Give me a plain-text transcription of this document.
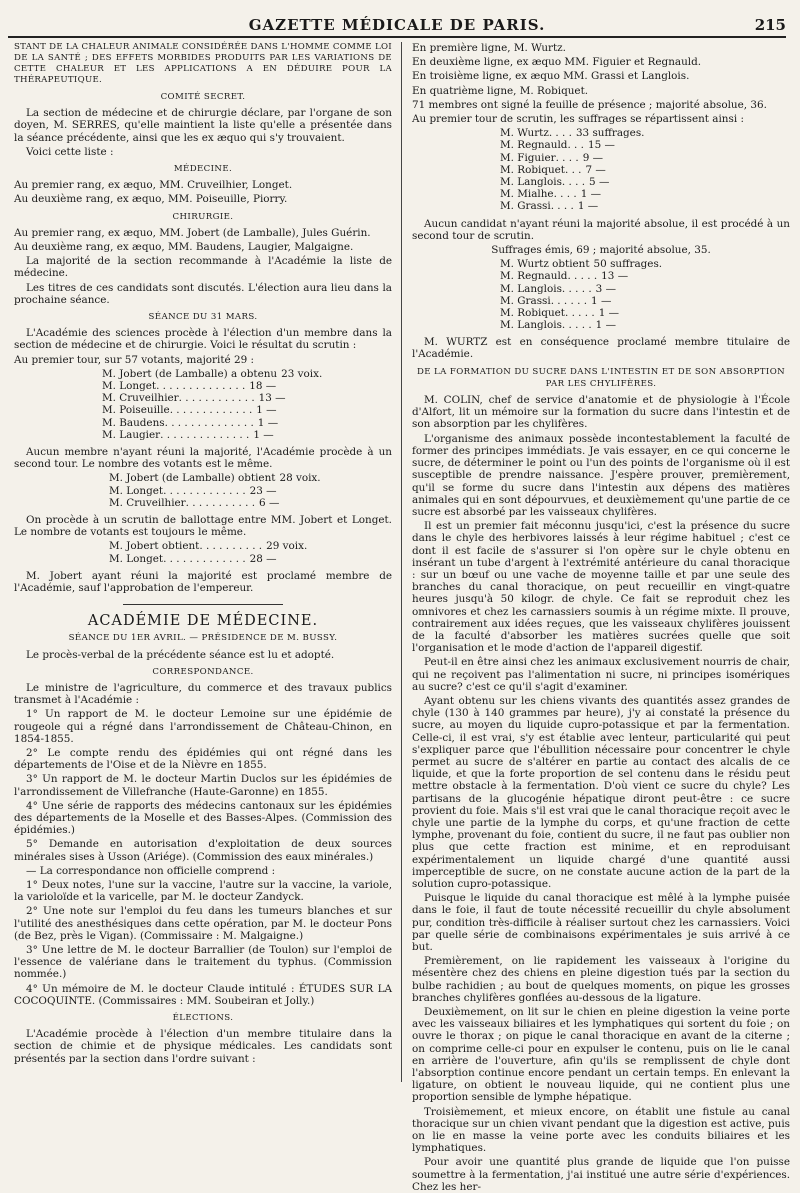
GAZETTE MÉDICALE DE PARIS.	215
STANT DE LA CHALEUR ANIMALE CONSIDÉRÉE DANS L'HOMME COMME LOI DE LA SANTÉ ; DES EFFETS MORBIDES PRODUITS PAR LES VARIATIONS DE CETTE CHALEUR ET LES APPLICATIONS A EN DÉDUIRE POUR LA THÉRAPEUTIQUE.
COMITÉ SECRET.

La section de médecine et de chirurgie déclare, par l'organe de son doyen, M. SERRES, qu'elle maintient la liste qu'elle a présentée dans la séance précédente, ainsi que les ex æquo qui s'y trouvaient.

Voici cette liste :

MÉDECINE.

Au premier rang, ex æquo, MM. Cruveilhier, Longet.

Au deuxième rang, ex æquo, MM. Poiseuille, Piorry.

CHIRURGIE.

Au premier rang, ex æquo, MM. Jobert (de Lamballe), Jules Guérin.

Au deuxième rang, ex æquo, MM. Baudens, Laugier, Malgaigne.

La majorité de la section recommande à l'Académie la liste de médecine.

Les titres de ces candidats sont discutés. L'élection aura lieu dans la prochaine séance.

SÉANCE DU 31 MARS.

L'Académie des sciences procède à l'élection d'un membre dans la section de médecine et de chirurgie. Voici le résultat du scrutin :

Au premier tour, sur 57 votants, majorité 29 :

M. Jobert (de Lamballe) a obtenu 23 voix.
M. Longet . . . . . . . . . . . . . . 18 —
M. Cruveilhier . . . . . . . . . . . . 13 —
M. Poiseuille . . . . . . . . . . . . . 1 —
M. Baudens . . . . . . . . . . . . . . 1 —
M. Laugier . . . . . . . . . . . . . . 1 —

Aucun membre n'ayant réuni la majorité, l'Académie procède à un second tour. Le nombre des votants est le même.

M. Jobert (de Lamballe) obtient 28 voix.
M. Longet . . . . . . . . . . . . . 23 —
M. Cruveilhier . . . . . . . . . . . 6 —

On procède à un scrutin de ballottage entre MM. Jobert et Longet. Le nombre de votants est toujours le même.

M. Jobert obtient . . . . . . . . . . 29 voix.
M. Longet . . . . . . . . . . . . . 28 —

M. Jobert ayant réuni la majorité est proclamé membre de l'Académie, sauf l'approbation de l'empereur.

ACADÉMIE DE MÉDECINE.
SÉANCE DU 1ER AVRIL. — PRÉSIDENCE DE M. BUSSY.

Le procès-verbal de la précédente séance est lu et adopté.

CORRESPONDANCE.

Le ministre de l'agriculture, du commerce et des travaux publics transmet à l'Académie :

1° Un rapport de M. le docteur Lemoine sur une épidémie de rougeole qui a régné dans l'arrondissement de Château-Chinon, en 1854-1855.

2° Le compte rendu des épidémies qui ont régné dans les départements de l'Oise et de la Nièvre en 1855.

3° Un rapport de M. le docteur Martin Duclos sur les épidémies de l'arrondissement de Villefranche (Haute-Garonne) en 1855.

4° Une série de rapports des médecins cantonaux sur les épidémies des départements de la Moselle et des Basses-Alpes. (Commission des épidémies.)

5° Demande en autorisation d'exploitation de deux sources minérales sises à Usson (Ariége). (Commission des eaux minérales.)

— La correspondance non officielle comprend :

1° Deux notes, l'une sur la vaccine, l'autre sur la vaccine, la variole, la varioloïde et la varicelle, par M. le docteur Zandyck.

2° Une note sur l'emploi du feu dans les tumeurs blanches et sur l'utilité des anesthésiques dans cette opération, par M. le docteur Pons (de Bez, près le Vigan). (Commissaire : M. Malgaigne.)

3° Une lettre de M. le docteur Barrallier (de Toulon) sur l'emploi de l'essence de valériane dans le traitement du typhus. (Commission nommée.)

4° Un mémoire de M. le docteur Claude intitulé : ÉTUDES SUR LA COCOQUINTE. (Commissaires : MM. Soubeiran et Jolly.)

ÉLECTIONS.

L'Académie procède à l'élection d'un membre titulaire dans la section de chimie et de physique médicales. Les candidats sont présentés par la section dans l'ordre suivant :

En première ligne, M. Wurtz.

En deuxième ligne, ex æquo MM. Figuier et Regnauld.

En troisième ligne, ex æquo MM. Grassi et Langlois.

En quatrième ligne, M. Robiquet.

71 membres ont signé la feuille de présence ; majorité absolue, 36.

Au premier tour de scrutin, les suffrages se répartissent ainsi :

M. Wurtz . . . . 33 suffrages.
M. Regnauld . . . 15 —
M. Figuier . . . . 9 —
M. Robiquet . . . 7 —
M. Langlois . . . . 5 —
M. Mialhe . . . . 1 —
M. Grassi . . . . 1 —

Aucun candidat n'ayant réuni la majorité absolue, il est procédé à un second tour de scrutin.

Suffrages émis, 69 ; majorité absolue, 35.

M. Wurtz obtient 50 suffrages.
M. Regnauld . . . . . 13 —
M. Langlois . . . . . 3 —
M. Grassi . . . . . . 1 —
M. Robiquet . . . . . 1 —
M. Langlois . . . . . 1 —

M. WURTZ est en conséquence proclamé membre titulaire de l'Académie.

DE LA FORMATION DU SUCRE DANS L'INTESTIN ET DE SON ABSORPTION PAR LES CHYLIFÈRES.

M. COLIN, chef de service d'anatomie et de physiologie à l'École d'Alfort, lit un mémoire sur la formation du sucre dans l'intestin et de son absorption par les chylifères.

L'organisme des animaux possède incontestablement la faculté de former des principes immédiats. Je vais essayer, en ce qui concerne le sucre, de déterminer le point ou l'un des points de l'organisme où il est susceptible de prendre naissance. J'espère prouver, premièrement, qu'il se forme du sucre dans l'intestin aux dépens des matières animales qui en sont dépourvues, et deuxièmement qu'une partie de ce sucre est absorbé par les vaisseaux chylifères.

Il est un premier fait méconnu jusqu'ici, c'est la présence du sucre dans le chyle des herbivores laissés à leur régime habituel ; c'est ce dont il est facile de s'assurer si l'on opère sur le chyle obtenu en insérant un tube d'argent à l'extrémité antérieure du canal thoracique : sur un bœuf ou une vache de moyenne taille et par une seule des branches du canal thoracique, on peut recueillir en vingt-quatre heures jusqu'à 50 kilogr. de chyle. Ce fait se reproduit chez les omnivores et chez les carnassiers soumis à un régime mixte. Il prouve, contrairement aux idées reçues, que les vaisseaux chylifères jouissent de la faculté d'absorber les matières sucrées quelle que soit l'organisation et le mode d'action de l'appareil digestif.

Peut-il en être ainsi chez les animaux exclusivement nourris de chair, qui ne reçoivent pas l'alimentation ni sucre, ni principes isomériques au sucre? c'est ce qu'il s'agit d'examiner.

Ayant obtenu sur les chiens vivants des quantités assez grandes de chyle (130 à 140 grammes par heure), j'y ai constaté la présence du sucre, au moyen du liquide cupro-potassique et par la fermentation. Celle-ci, il est vrai, s'y est établie avec lenteur, particularité qui peut s'expliquer parce que l'ébullition nécessaire pour concentrer le chyle permet au sucre de s'altérer en partie au contact des alcalis de ce liquide, et que la forte proportion de sel contenu dans le résidu peut mettre obstacle à la fermentation. D'où vient ce sucre du chyle? Les partisans de la glucogénie hépatique diront peut-être : ce sucre provient du foie. Mais s'il est vrai que le canal thoracique reçoit avec le chyle une partie de la lymphe du corps, et qu'une fraction de cette lymphe, provenant du foie, contient du sucre, il ne faut pas oublier non plus que cette fraction est minime, et en reproduisant expérimentalement un liquide chargé d'une quantité aussi imperceptible de sucre, on ne constate aucune action de la part de la solution cupro-potassique.

Puisque le liquide du canal thoracique est mêlé à la lymphe puisée dans le foie, il faut de toute nécessité recueillir du chyle absolument pur, condition très-difficile à réaliser surtout chez les carnassiers. Voici par quelle série de combinaisons expérimentales je suis arrivé à ce but.

Premièrement, on lie rapidement les vaisseaux à l'origine du mésentère chez des chiens en pleine digestion tués par la section du bulbe rachidien ; au bout de quelques moments, on pique les grosses branches chylifères gonflées au-dessous de la ligature.

Deuxièmement, on lit sur le chien en pleine digestion la veine porte avec les vaisseaux biliaires et les lymphatiques qui sortent du foie ; on ouvre le thorax ; on pique le canal thoracique en avant de la citerne ; on comprime celle-ci pour en expulser le contenu, puis on lie le canal en arrière de l'ouverture, afin qu'ils se remplissent de chyle dont l'absorption continue encore pendant un certain temps. En enlevant la ligature, on obtient le nouveau liquide, qui ne contient plus une proportion sensible de lymphe hépatique.

Troisièmement, et mieux encore, on établit une fistule au canal thoracique sur un chien vivant pendant que la digestion est active, puis on lie en masse la veine porte avec les conduits biliaires et les lymphatiques.

Pour avoir une quantité plus grande de liquide que l'on puisse soumettre à la fermentation, j'ai institué une autre série d'expériences. Chez les her-
